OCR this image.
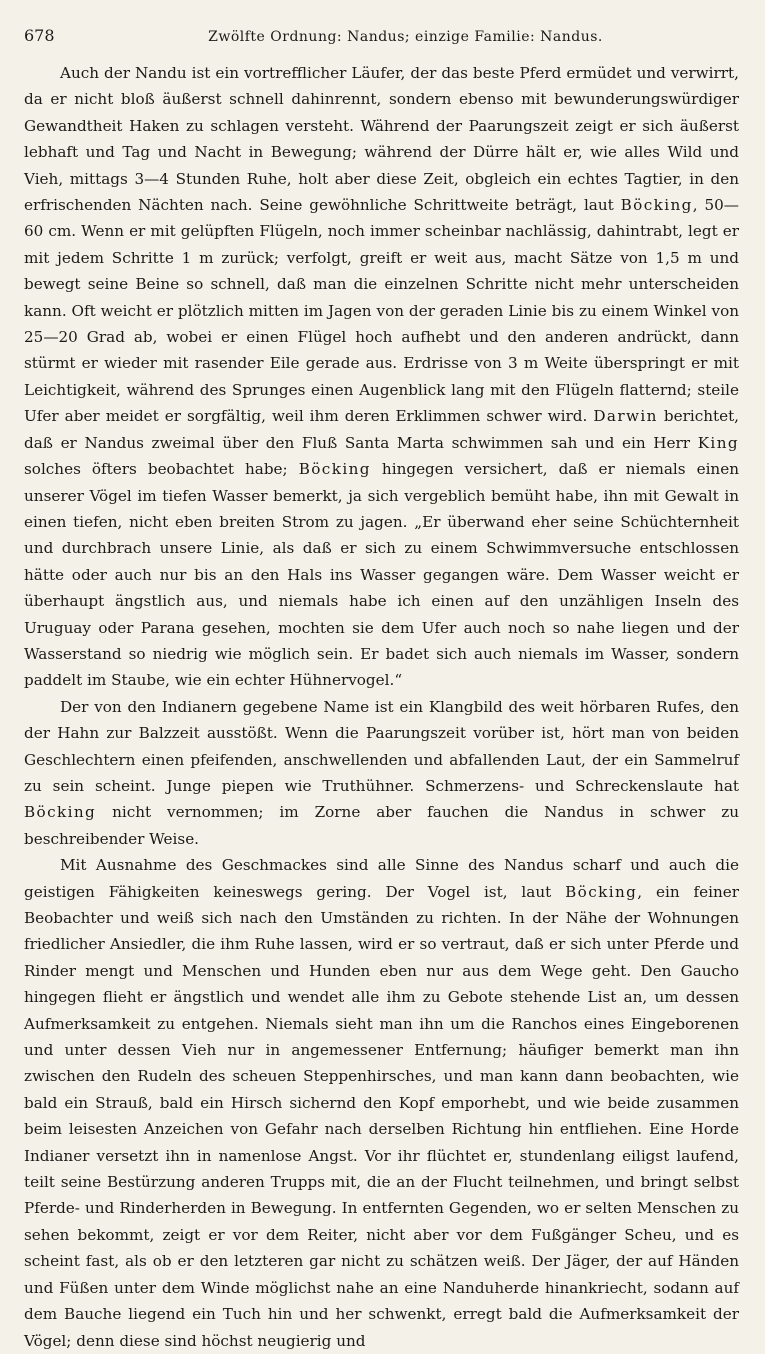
678	Zwölfte Ordnung: Nandus; einzige Familie: Nandus.

Auch der Nandu ist ein vortrefflicher Läufer, der das beste Pferd ermüdet und verwirrt, da er nicht bloß äußerst schnell dahinrennt, sondern ebenso mit bewunderungswürdiger Gewandtheit Haken zu schlagen versteht. Während der Paarungszeit zeigt er sich äußerst lebhaft und Tag und Nacht in Bewegung; während der Dürre hält er, wie alles Wild und Vieh, mittags 3—4 Stunden Ruhe, holt aber diese Zeit, obgleich ein echtes Tagtier, in den erfrischenden Nächten nach. Seine gewöhnliche Schrittweite beträgt, laut Böcking, 50—60 cm. Wenn er mit gelüpften Flügeln, noch immer scheinbar nachlässig, dahintrabt, legt er mit jedem Schritte 1 m zurück; verfolgt, greift er weit aus, macht Sätze von 1,5 m und bewegt seine Beine so schnell, daß man die einzelnen Schritte nicht mehr unterscheiden kann. Oft weicht er plötzlich mitten im Jagen von der geraden Linie bis zu einem Winkel von 25—20 Grad ab, wobei er einen Flügel hoch aufhebt und den anderen andrückt, dann stürmt er wieder mit rasender Eile gerade aus. Erdrisse von 3 m Weite überspringt er mit Leichtigkeit, während des Sprunges einen Augenblick lang mit den Flügeln flatternd; steile Ufer aber meidet er sorgfältig, weil ihm deren Erklimmen schwer wird. Darwin berichtet, daß er Nandus zweimal über den Fluß Santa Marta schwimmen sah und ein Herr King solches öfters beobachtet habe; Böcking hingegen versichert, daß er niemals einen unserer Vögel im tiefen Wasser bemerkt, ja sich vergeblich bemüht habe, ihn mit Gewalt in einen tiefen, nicht eben breiten Strom zu jagen. „Er überwand eher seine Schüchternheit und durchbrach unsere Linie, als daß er sich zu einem Schwimmversuche entschlossen hätte oder auch nur bis an den Hals ins Wasser gegangen wäre. Dem Wasser weicht er überhaupt ängstlich aus, und niemals habe ich einen auf den unzähligen Inseln des Uruguay oder Parana gesehen, mochten sie dem Ufer auch noch so nahe liegen und der Wasserstand so niedrig wie möglich sein. Er badet sich auch niemals im Wasser, sondern paddelt im Staube, wie ein echter Hühnervogel.“

Der von den Indianern gegebene Name ist ein Klangbild des weit hörbaren Rufes, den der Hahn zur Balzzeit ausstößt. Wenn die Paarungszeit vorüber ist, hört man von beiden Geschlechtern einen pfeifenden, anschwellenden und abfallenden Laut, der ein Sammelruf zu sein scheint. Junge piepen wie Truthühner. Schmerzens- und Schreckenslaute hat Böcking nicht vernommen; im Zorne aber fauchen die Nandus in schwer zu beschreibender Weise.

Mit Ausnahme des Geschmackes sind alle Sinne des Nandus scharf und auch die geistigen Fähigkeiten keineswegs gering. Der Vogel ist, laut Böcking, ein feiner Beobachter und weiß sich nach den Umständen zu richten. In der Nähe der Wohnungen friedlicher Ansiedler, die ihm Ruhe lassen, wird er so vertraut, daß er sich unter Pferde und Rinder mengt und Menschen und Hunden eben nur aus dem Wege geht. Den Gaucho hingegen flieht er ängstlich und wendet alle ihm zu Gebote stehende List an, um dessen Aufmerksamkeit zu entgehen. Niemals sieht man ihn um die Ranchos eines Eingeborenen und unter dessen Vieh nur in angemessener Entfernung; häufiger bemerkt man ihn zwischen den Rudeln des scheuen Steppenhirsches, und man kann dann beobachten, wie bald ein Strauß, bald ein Hirsch sichernd den Kopf emporhebt, und wie beide zusammen beim leisesten Anzeichen von Gefahr nach derselben Richtung hin entfliehen. Eine Horde Indianer versetzt ihn in namenlose Angst. Vor ihr flüchtet er, stundenlang eiligst laufend, teilt seine Bestürzung anderen Trupps mit, die an der Flucht teilnehmen, und bringt selbst Pferde- und Rinderherden in Bewegung. In entfernten Gegenden, wo er selten Menschen zu sehen bekommt, zeigt er vor dem Reiter, nicht aber vor dem Fußgänger Scheu, und es scheint fast, als ob er den letzteren gar nicht zu schätzen weiß. Der Jäger, der auf Händen und Füßen unter dem Winde möglichst nahe an eine Nanduherde hinankriecht, sodann auf dem Bauche liegend ein Tuch hin und her schwenkt, erregt bald die Aufmerksamkeit der Vögel; denn diese sind höchst neugierig und
